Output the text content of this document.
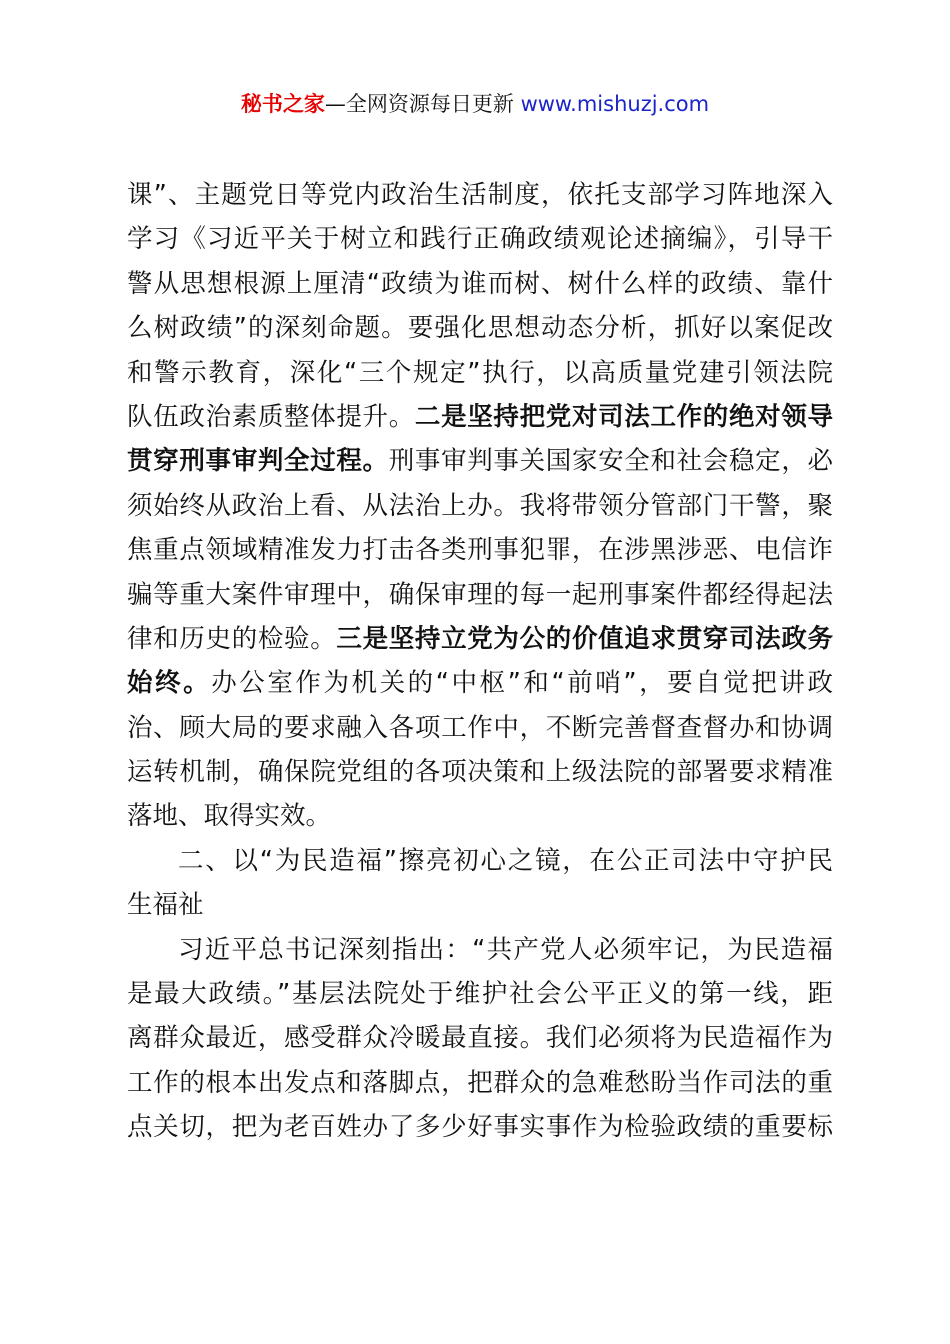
秘书之家—全网资源每日更新 www.mishuzj.com
课”、主题党日等党内政治生活制度，依托支部学习阵地深入
学习《习近平关于树立和践行正确政绩观论述摘编》，引导干
警从思想根源上厘清“政绩为谁而树、树什么样的政绩、靠什
么树政绩”的深刻命题。要强化思想动态分析，抓好以案促改
和警示教育，深化“三个规定”执行，以高质量党建引领法院
队伍政治素质整体提升。二是坚持把党对司法工作的绝对领导
贯穿刑事审判全过程。刑事审判事关国家安全和社会稳定，必
须始终从政治上看、从法治上办。我将带领分管部门干警，聚
焦重点领域精准发力打击各类刑事犯罪，在涉黑涉恶、电信诈
骗等重大案件审理中，确保审理的每一起刑事案件都经得起法
律和历史的检验。三是坚持立党为公的价值追求贯穿司法政务
始终。办公室作为机关的“中枢”和“前哨”，要自觉把讲政
治、顾大局的要求融入各项工作中，不断完善督查督办和协调
运转机制，确保院党组的各项决策和上级法院的部署要求精准
落地、取得实效。
二、以“为民造福”擦亮初心之镜，在公正司法中守护民
生福祉
习近平总书记深刻指出：“共产党人必须牢记，为民造福
是最大政绩。”基层法院处于维护社会公平正义的第一线，距
离群众最近，感受群众冷暖最直接。我们必须将为民造福作为
工作的根本出发点和落脚点，把群众的急难愁盼当作司法的重
点关切，把为老百姓办了多少好事实事作为检验政绩的重要标
